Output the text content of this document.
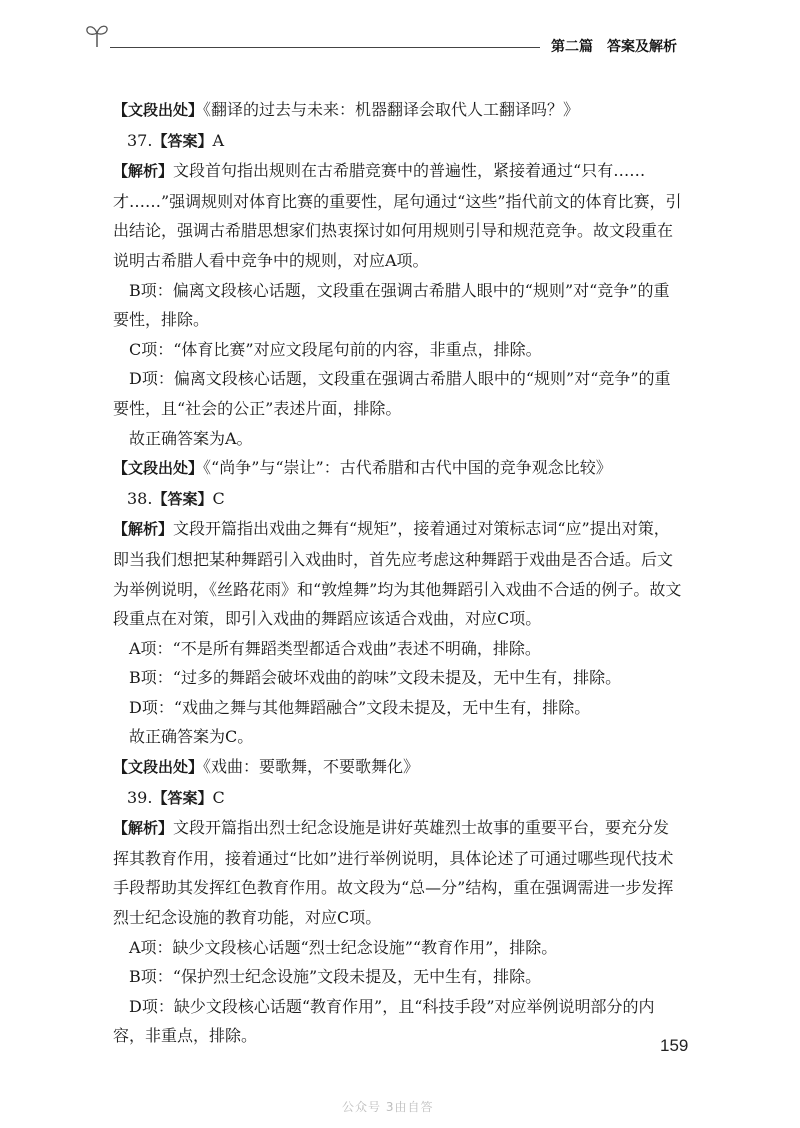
第二篇　答案及解析

【文段出处】《翻译的过去与未来：机器翻译会取代人工翻译吗？》

37.【答案】A

【解析】文段首句指出规则在古希腊竞赛中的普遍性，紧接着通过“只有……才……”强调规则对体育比赛的重要性，尾句通过“这些”指代前文的体育比赛，引出结论，强调古希腊思想家们热衷探讨如何用规则引导和规范竞争。故文段重在说明古希腊人看中竞争中的规则，对应A项。

B项：偏离文段核心话题，文段重在强调古希腊人眼中的“规则”对“竞争”的重要性，排除。

C项：“体育比赛”对应文段尾句前的内容，非重点，排除。

D项：偏离文段核心话题，文段重在强调古希腊人眼中的“规则”对“竞争”的重要性，且“社会的公正”表述片面，排除。

故正确答案为A。

【文段出处】《“尚争”与“崇让”：古代希腊和古代中国的竞争观念比较》

38.【答案】C

【解析】文段开篇指出戏曲之舞有“规矩”，接着通过对策标志词“应”提出对策，即当我们想把某种舞蹈引入戏曲时，首先应考虑这种舞蹈于戏曲是否合适。后文为举例说明，《丝路花雨》和“敦煌舞”均为其他舞蹈引入戏曲不合适的例子。故文段重点在对策，即引入戏曲的舞蹈应该适合戏曲，对应C项。

A项：“不是所有舞蹈类型都适合戏曲”表述不明确，排除。

B项：“过多的舞蹈会破坏戏曲的韵味”文段未提及，无中生有，排除。

D项：“戏曲之舞与其他舞蹈融合”文段未提及，无中生有，排除。

故正确答案为C。

【文段出处】《戏曲：要歌舞，不要歌舞化》

39.【答案】C

【解析】文段开篇指出烈士纪念设施是讲好英雄烈士故事的重要平台，要充分发挥其教育作用，接着通过“比如”进行举例说明，具体论述了可通过哪些现代技术手段帮助其发挥红色教育作用。故文段为“总—分”结构，重在强调需进一步发挥烈士纪念设施的教育功能，对应C项。

A项：缺少文段核心话题“烈士纪念设施”“教育作用”，排除。

B项：“保护烈士纪念设施”文段未提及，无中生有，排除。

D项：缺少文段核心话题“教育作用”，且“科技手段”对应举例说明部分的内容，非重点，排除。

159
公众号 3由自答
